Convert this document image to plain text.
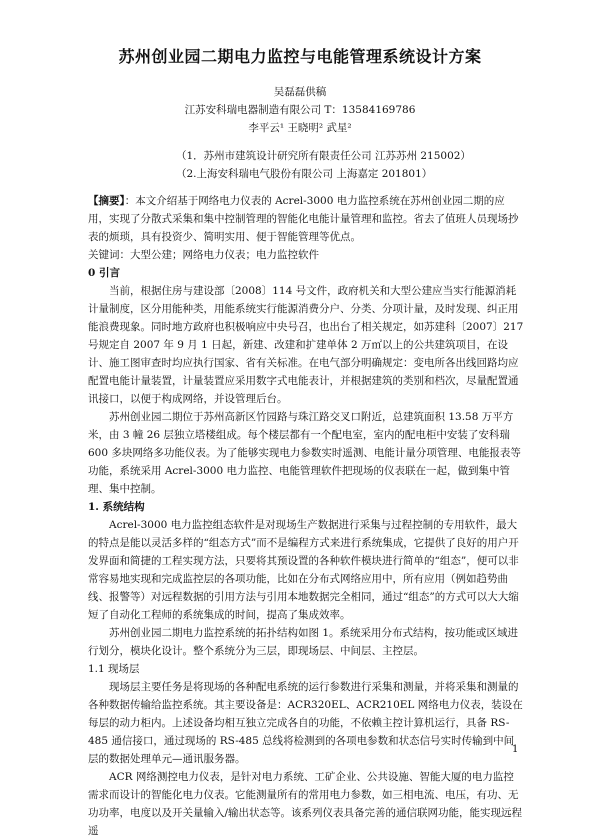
苏州创业园二期电力监控与电能管理系统设计方案
吴磊磊供稿
江苏安科瑞电器制造有限公司 T：13584169786
李平云¹ 王晓明² 武星²
（1．苏州市建筑设计研究所有限责任公司 江苏苏州 215002）
（2.上海安科瑞电气股份有限公司 上海嘉定 201801）

【摘要】：本文介绍基于网络电力仪表的 Acrel-3000 电力监控系统在苏州创业园二期的应用，实现了分散式采集和集中控制管理的智能化电能计量管理和监控。省去了值班人员现场抄表的烦琐，具有投资少、简明实用、便于智能管理等优点。

关键词：大型公建；网络电力仪表；电力监控软件

0 引言

当前，根据住房与建设部〔2008〕114 号文件，政府机关和大型公建应当实行能源消耗计量制度，区分用能种类，用能系统实行能源消费分户、分类、分项计量，及时发现、纠正用能浪费现象。同时地方政府也积极响应中央号召，也出台了相关规定，如苏建科〔2007〕217 号规定自 2007 年 9 月 1 日起，新建、改建和扩建单体 2 万㎡以上的公共建筑项目，在设计、施工图审查时均应执行国家、省有关标准。在电气部分明确规定：变电所各出线回路均应配置电能计量装置，计量装置应采用数字式电能表计，并根据建筑的类别和档次，尽量配置通讯接口，以便于构成网络，并设管理后台。

苏州创业园二期位于苏州高新区竹园路与珠江路交叉口附近，总建筑面积 13.58 万平方米，由 3 幢 26 层独立塔楼组成。每个楼层都有一个配电室，室内的配电柜中安装了安科瑞 600 多块网络多功能仪表。为了能够实现电力参数实时遥测、电能计量分项管理、电能报表等功能，系统采用 Acrel-3000 电力监控、电能管理软件把现场的仪表联在一起，做到集中管理、集中控制。

1. 系统结构

Acrel-3000 电力监控组态软件是对现场生产数据进行采集与过程控制的专用软件，最大的特点是能以灵活多样的“组态方式”而不是编程方式来进行系统集成，它提供了良好的用户开发界面和简捷的工程实现方法，只要将其预设置的各种软件模块进行简单的“组态”，便可以非常容易地实现和完成监控层的各项功能，比如在分布式网络应用中，所有应用（例如趋势曲线、报警等）对远程数据的引用方法与引用本地数据完全相同，通过“组态”的方式可以大大缩短了自动化工程师的系统集成的时间，提高了集成效率。

苏州创业园二期电力监控系统的拓扑结构如图 1。系统采用分布式结构，按功能或区域进行划分，模块化设计。整个系统分为三层，即现场层、中间层、主控层。

1.1 现场层

现场层主要任务是将现场的各种配电系统的运行参数进行采集和测量，并将采集和测量的各种数据传输给监控系统。其主要设备是：ACR320EL、ACR210EL 网络电力仪表，装设在每层的动力柜内。上述设备均相互独立完成各自的功能，不依赖主控计算机运行，具备 RS-485 通信接口，通过现场的 RS-485 总线将检测到的各项电参数和状态信号实时传输到中间层的数据处理单元—通讯服务器。

ACR 网络测控电力仪表，是针对电力系统、工矿企业、公共设施、智能大厦的电力监控需求而设计的智能化电力仪表。它能测量所有的常用电力参数，如三相电流、电压，有功、无功功率，电度以及开关量输入/输出状态等。该系列仪表具备完善的通信联网功能，能实现远程遥

1
